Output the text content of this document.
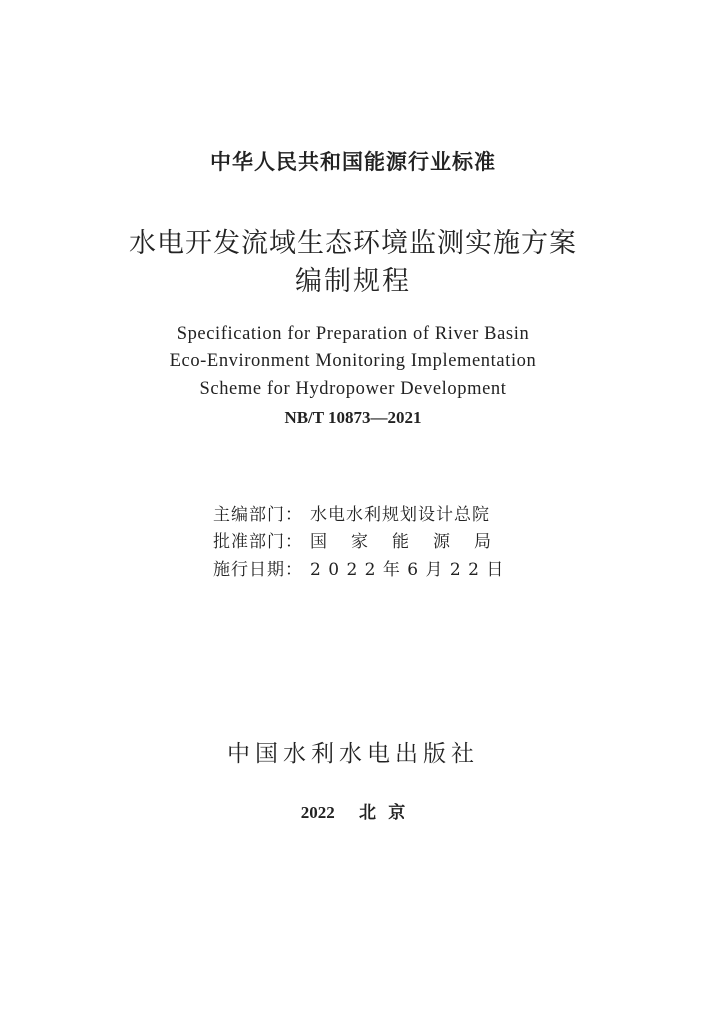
中华人民共和国能源行业标准
水电开发流域生态环境监测实施方案
编制规程
Specification for Preparation of River Basin
Eco-Environment Monitoring Implementation
Scheme for Hydropower Development
NB/T 10873—2021
主编部门： 水电水利规划设计总院
批准部门： 国 家 能 源 局
施行日期： 2 0 2 2 年 6 月 2 2 日
中国水利水电出版社
2022 北 京
